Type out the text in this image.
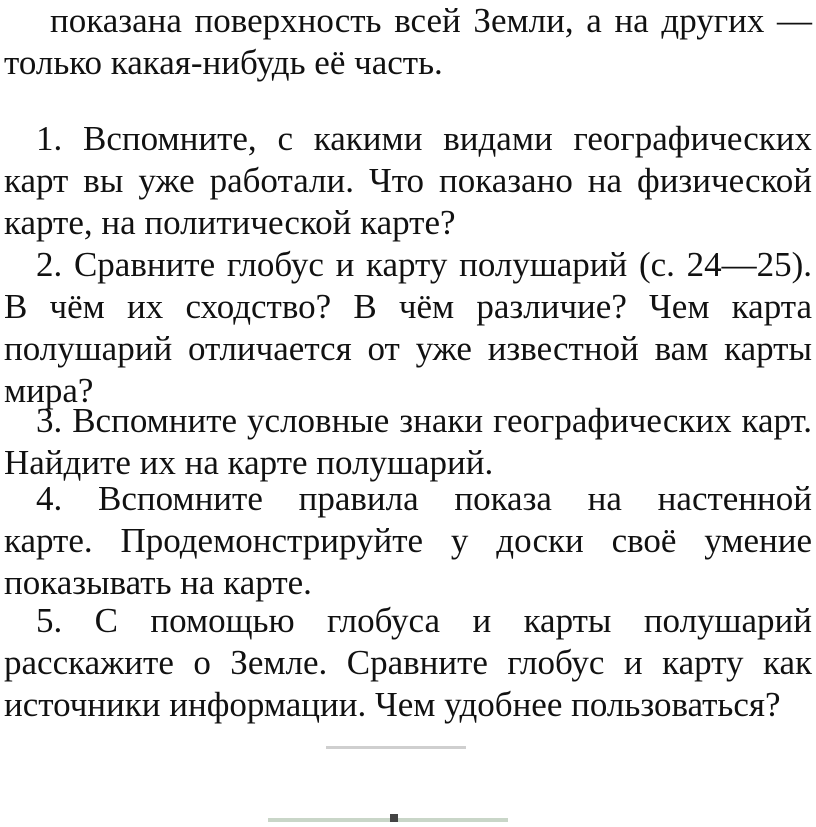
показана поверхность всей Земли, а на других —
только какая-нибудь её часть.
1. Вспомните, с какими видами географических
карт вы уже работали. Что показано на физической
карте, на политической карте?
2. Сравните глобус и карту полушарий (с. 24—25).
В чём их сходство? В чём различие? Чем карта
полушарий отличается от уже известной вам карты
мира?
3. Вспомните условные знаки географических карт.
Найдите их на карте полушарий.
4. Вспомните правила показа на настенной
карте. Продемонстрируйте у доски своё умение
показывать на карте.
5. С помощью глобуса и карты полушарий
расскажите о Земле. Сравните глобус и карту как
источники информации. Чем удобнее пользоваться?
